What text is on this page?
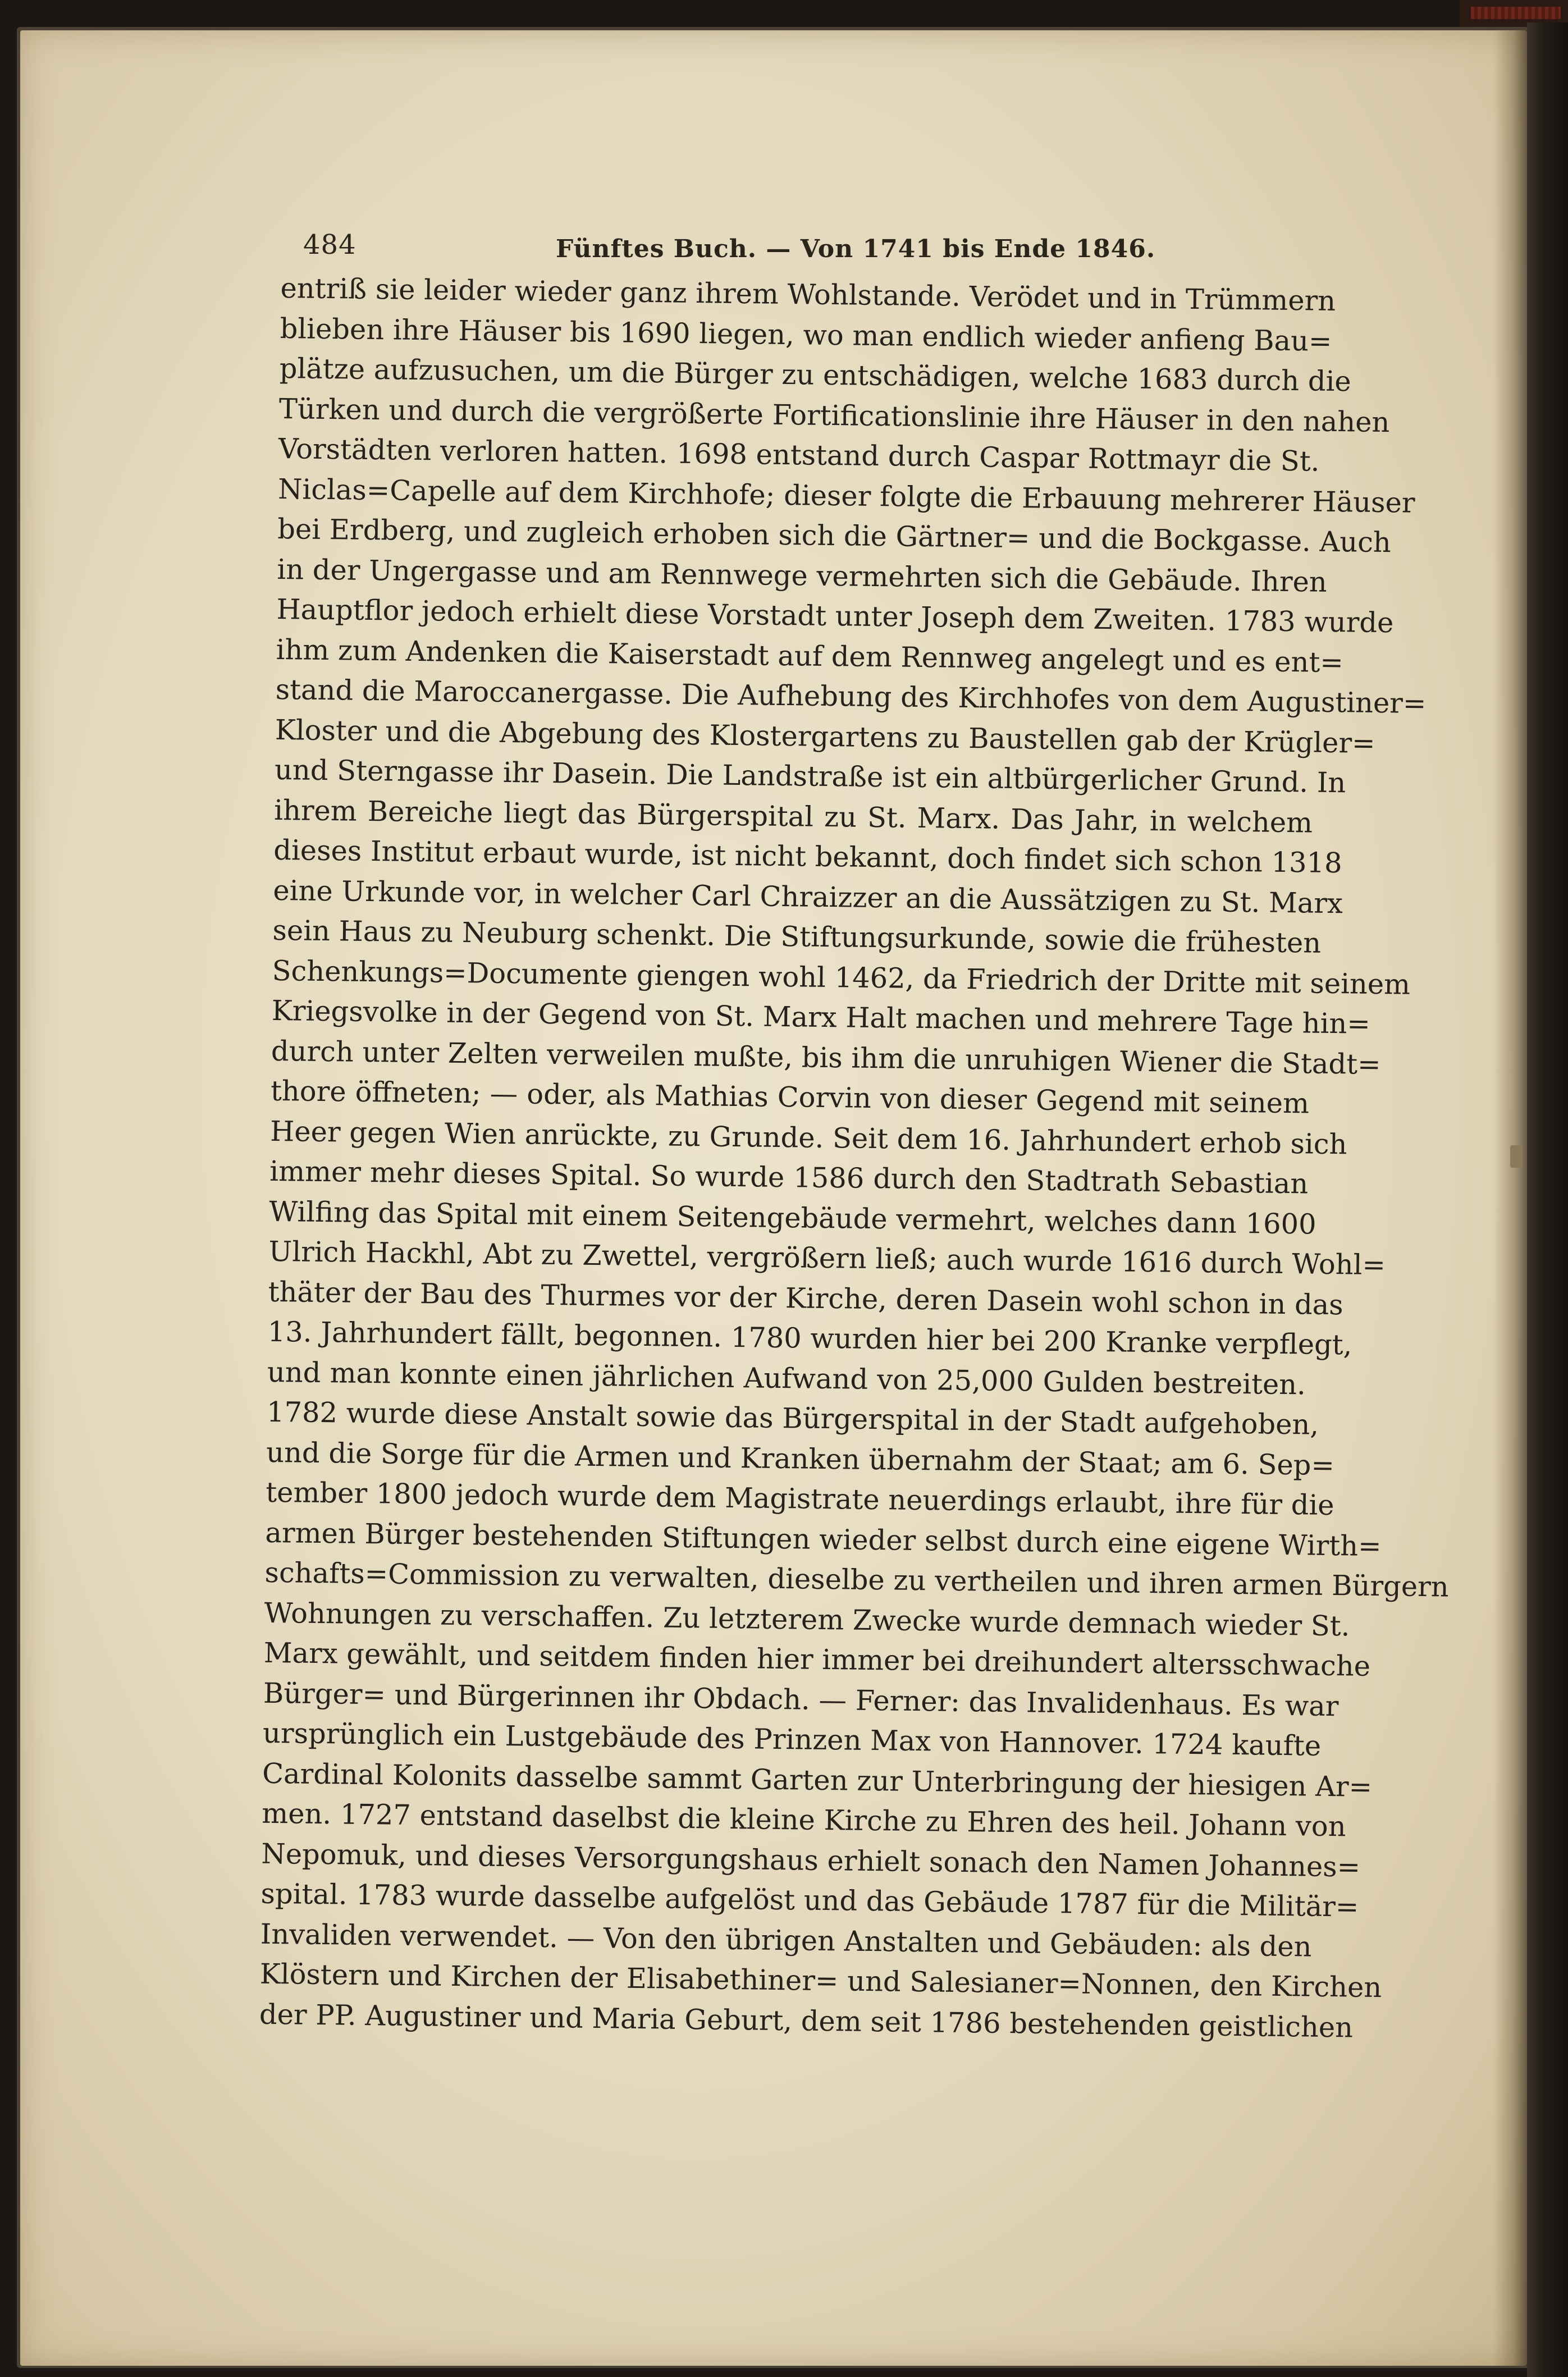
484	Fünftes Buch. — Von 1741 bis Ende 1846.
entriß sie leider wieder ganz ihrem Wohlstande. Verödet und in Trümmern
blieben ihre Häuser bis 1690 liegen, wo man endlich wieder anfieng Bau=
plätze aufzusuchen, um die Bürger zu entschädigen, welche 1683 durch die
Türken und durch die vergrößerte Fortificationslinie ihre Häuser in den nahen
Vorstädten verloren hatten. 1698 entstand durch Caspar Rottmayr die St.
Niclas=Capelle auf dem Kirchhofe; dieser folgte die Erbauung mehrerer Häuser
bei Erdberg, und zugleich erhoben sich die Gärtner= und die Bockgasse. Auch
in der Ungergasse und am Rennwege vermehrten sich die Gebäude. Ihren
Hauptflor jedoch erhielt diese Vorstadt unter Joseph dem Zweiten. 1783 wurde
ihm zum Andenken die Kaiserstadt auf dem Rennweg angelegt und es ent=
stand die Maroccanergasse. Die Aufhebung des Kirchhofes von dem Augustiner=
Kloster und die Abgebung des Klostergartens zu Baustellen gab der Krügler=
und Sterngasse ihr Dasein. Die Landstraße ist ein altbürgerlicher Grund. In
ihrem Bereiche liegt das Bürgerspital zu St. Marx. Das Jahr, in welchem
dieses Institut erbaut wurde, ist nicht bekannt, doch findet sich schon 1318
eine Urkunde vor, in welcher Carl Chraizzer an die Aussätzigen zu St. Marx
sein Haus zu Neuburg schenkt. Die Stiftungsurkunde, sowie die frühesten
Schenkungs=Documente giengen wohl 1462, da Friedrich der Dritte mit seinem
Kriegsvolke in der Gegend von St. Marx Halt machen und mehrere Tage hin=
durch unter Zelten verweilen mußte, bis ihm die unruhigen Wiener die Stadt=
thore öffneten; — oder, als Mathias Corvin von dieser Gegend mit seinem
Heer gegen Wien anrückte, zu Grunde. Seit dem 16. Jahrhundert erhob sich
immer mehr dieses Spital. So wurde 1586 durch den Stadtrath Sebastian
Wilfing das Spital mit einem Seitengebäude vermehrt, welches dann 1600
Ulrich Hackhl, Abt zu Zwettel, vergrößern ließ; auch wurde 1616 durch Wohl=
thäter der Bau des Thurmes vor der Kirche, deren Dasein wohl schon in das
13. Jahrhundert fällt, begonnen. 1780 wurden hier bei 200 Kranke verpflegt,
und man konnte einen jährlichen Aufwand von 25,000 Gulden bestreiten.
1782 wurde diese Anstalt sowie das Bürgerspital in der Stadt aufgehoben,
und die Sorge für die Armen und Kranken übernahm der Staat; am 6. Sep=
tember 1800 jedoch wurde dem Magistrate neuerdings erlaubt, ihre für die
armen Bürger bestehenden Stiftungen wieder selbst durch eine eigene Wirth=
schafts=Commission zu verwalten, dieselbe zu vertheilen und ihren armen Bürgern
Wohnungen zu verschaffen. Zu letzterem Zwecke wurde demnach wieder St.
Marx gewählt, und seitdem finden hier immer bei dreihundert altersschwache
Bürger= und Bürgerinnen ihr Obdach. — Ferner: das Invalidenhaus. Es war
ursprünglich ein Lustgebäude des Prinzen Max von Hannover. 1724 kaufte
Cardinal Kolonits dasselbe sammt Garten zur Unterbringung der hiesigen Ar=
men. 1727 entstand daselbst die kleine Kirche zu Ehren des heil. Johann von
Nepomuk, und dieses Versorgungshaus erhielt sonach den Namen Johannes=
spital. 1783 wurde dasselbe aufgelöst und das Gebäude 1787 für die Militär=
Invaliden verwendet. — Von den übrigen Anstalten und Gebäuden: als den
Klöstern und Kirchen der Elisabethiner= und Salesianer=Nonnen, den Kirchen
der PP. Augustiner und Maria Geburt, dem seit 1786 bestehenden geistlichen
